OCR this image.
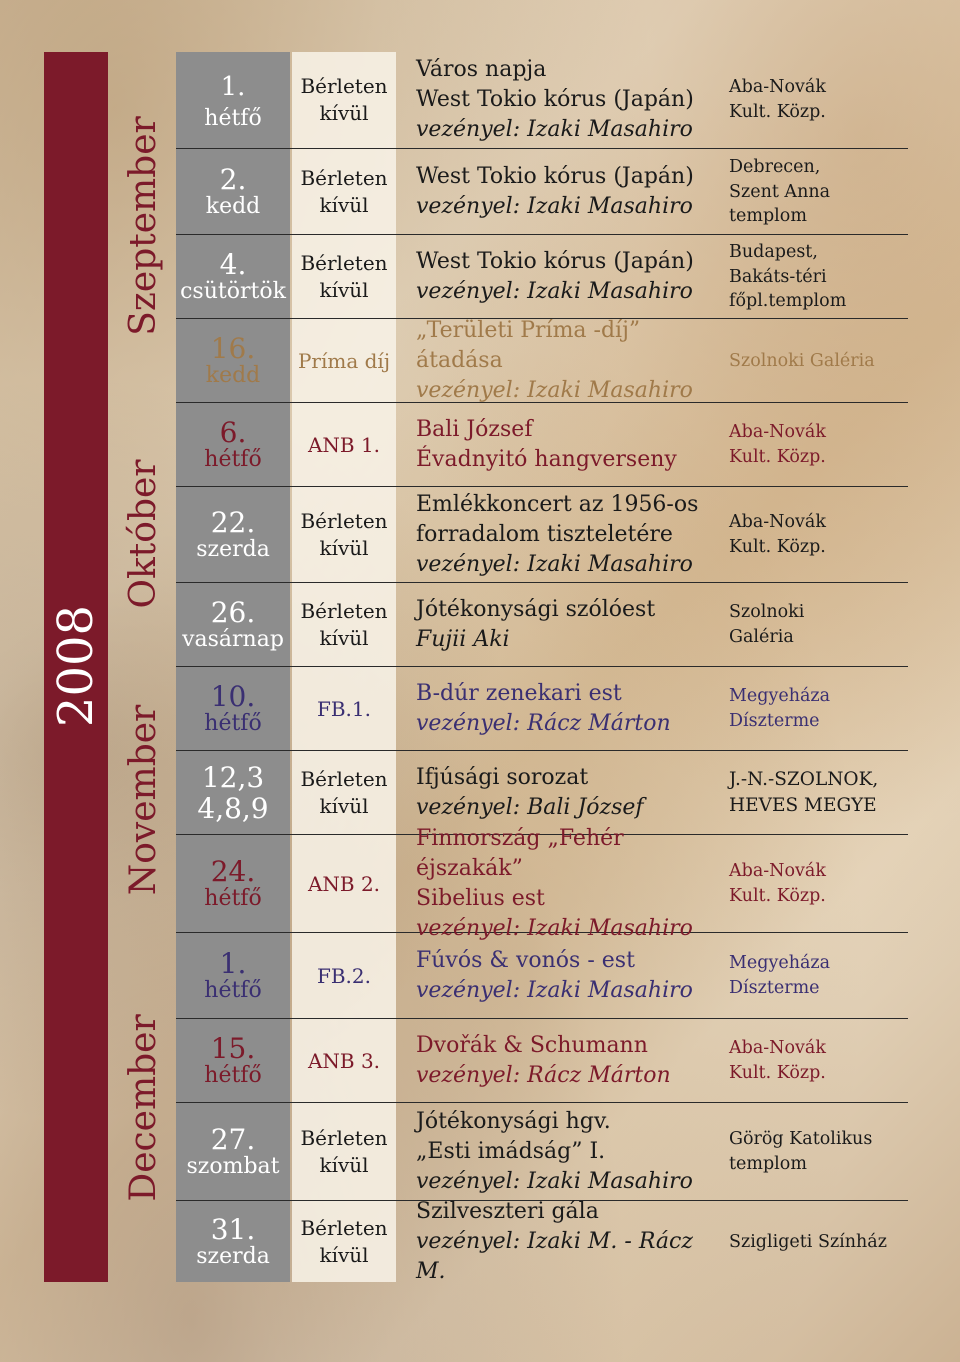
2008
Szeptember
Október
November
December
1.
hétfő
Bérleten
kívül
Város napja
West Tokio kórus (Japán)
vezényel: Izaki Masahiro
Aba-Novák
Kult. Közp.
2.
kedd
Bérleten
kívül
West Tokio kórus (Japán)
vezényel: Izaki Masahiro
Debrecen,
Szent Anna
templom
4.
csütörtök
Bérleten
kívül
West Tokio kórus (Japán)
vezényel: Izaki Masahiro
Budapest,
Bakáts-téri
főpl.templom
16.
kedd
Príma díj
„Területi Príma -díj” átadása
vezényel: Izaki Masahiro
Szolnoki Galéria
6.
hétfő
ANB 1.
Bali József
Évadnyitó hangverseny
Aba-Novák
Kult. Közp.
22.
szerda
Bérleten
kívül
Emlékkoncert az 1956-os
forradalom tiszteletére
vezényel: Izaki Masahiro
Aba-Novák
Kult. Közp.
26.
vasárnap
Bérleten
kívül
Jótékonysági szólóest
Fujii Aki
Szolnoki
Galéria
10.
hétfő
FB.1.
B-dúr zenekari est
vezényel: Rácz Márton
Megyeháza
Díszterme
12,3
4,8,9
Bérleten
kívül
Ifjúsági sorozat
vezényel: Bali József
J.-N.-SZOLNOK,
HEVES MEGYE
24.
hétfő
ANB 2.
Finnország „Fehér éjszakák”
Sibelius est
vezényel: Izaki Masahiro
Aba-Novák
Kult. Közp.
1.
hétfő
FB.2.
Fúvós & vonós - est
vezényel: Izaki Masahiro
Megyeháza
Díszterme
15.
hétfő
ANB 3.
Dvořák & Schumann
vezényel: Rácz Márton
Aba-Novák
Kult. Közp.
27.
szombat
Bérleten
kívül
Jótékonysági hgv.
„Esti imádság” I.
vezényel: Izaki Masahiro
Görög Katolikus
templom
31.
szerda
Bérleten
kívül
Szilveszteri gála
vezényel: Izaki M. - Rácz M.
Szigligeti Színház
